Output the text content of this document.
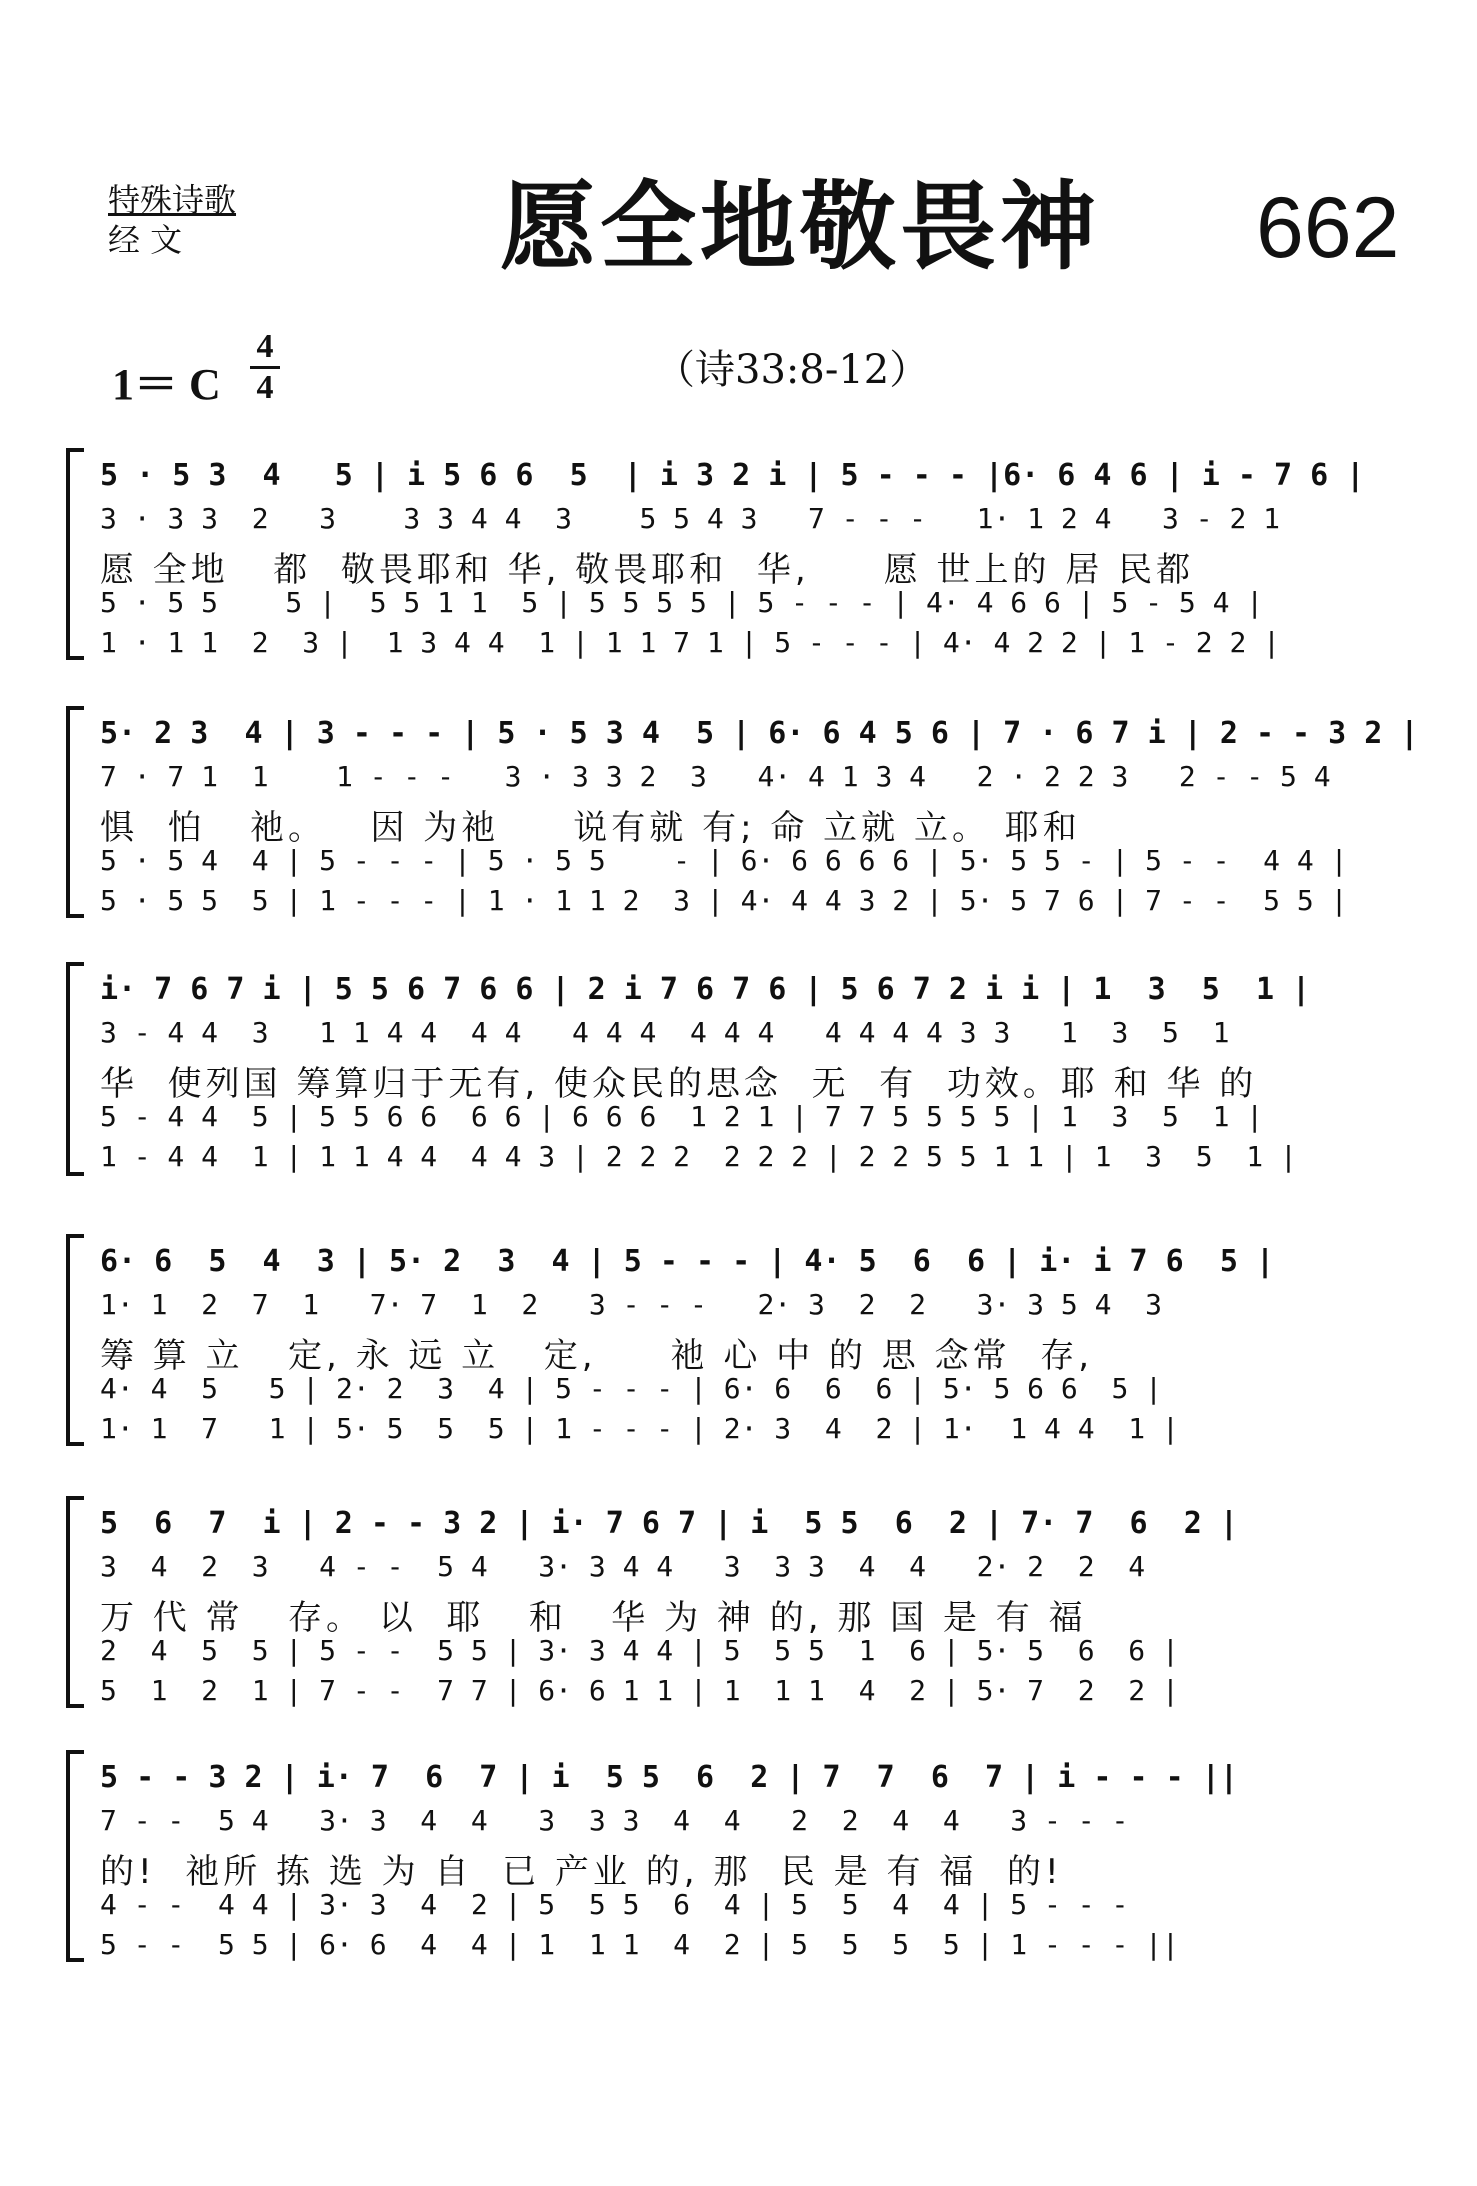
特殊诗歌
经 文	愿全地敬畏神 662
1＝ C
4
4	（诗33:8-12）
5 · 5 3  4   5 | i 5 6 6  5  | i 3 2 i | 5 - - - |6· 6 4 6 | i - 7 6 |
3 · 3 3  2   3    3 3 4 4  3    5 5 4 3   7 - - -   1· 1 2 4   3 - 2 1
愿 全地   都  敬畏耶和 华, 敬畏耶和  华,     愿 世上的 居 民都
5 · 5 5    5 |  5 5 1 1  5 | 5 5 5 5 | 5 - - - | 4· 4 6 6 | 5 - 5 4 |
1 · 1 1  2  3 |  1 3 4 4  1 | 1 1 7 1 | 5 - - - | 4· 4 2 2 | 1 - 2 2 |
5· 2 3  4 | 3 - - - | 5 · 5 3 4  5 | 6· 6 4 5 6 | 7 · 6 7 i | 2 - - 3 2 |
7 · 7 1  1    1 - - -   3 · 3 3 2  3   4· 4 1 3 4   2 · 2 2 3   2 - - 5 4
惧  怕   祂。   因 为祂     说有就 有; 命 立就 立。 耶和
5 · 5 4  4 | 5 - - - | 5 · 5 5    - | 6· 6 6 6 6 | 5· 5 5 - | 5 - -  4 4 |
5 · 5 5  5 | 1 - - - | 1 · 1 1 2  3 | 4· 4 4 3 2 | 5· 5 7 6 | 7 - -  5 5 |
i· 7 6 7 i | 5 5 6 7 6 6 | 2 i 7 6 7 6 | 5 6 7 2 i i | 1  3  5  1 |
3 - 4 4  3   1 1 4 4  4 4   4 4 4  4 4 4   4 4 4 4 3 3   1  3  5  1
华  使列国 筹算归于无有, 使众民的思念  无  有  功效。耶 和 华 的
5 - 4 4  5 | 5 5 6 6  6 6 | 6 6 6  1 2 1 | 7 7 5 5 5 5 | 1  3  5  1 |
1 - 4 4  1 | 1 1 4 4  4 4 3 | 2 2 2  2 2 2 | 2 2 5 5 1 1 | 1  3  5  1 |
6· 6  5  4  3 | 5· 2  3  4 | 5 - - - | 4· 5  6  6 | i· i 7 6  5 |
1· 1  2  7  1   7· 7  1  2   3 - - -   2· 3  2  2   3· 3 5 4  3
筹 算 立   定, 永 远 立   定,     祂 心 中 的 思 念常  存,
4· 4  5   5 | 2· 2  3  4 | 5 - - - | 6· 6  6  6 | 5· 5 6 6  5 |
1· 1  7   1 | 5· 5  5  5 | 1 - - - | 2· 3  4  2 | 1·  1 4 4  1 |
5  6  7  i | 2 - - 3 2 | i· 7 6 7 | i  5 5  6  2 | 7· 7  6  2 |
3  4  2  3   4 - -  5 4   3· 3 4 4   3  3 3  4  4   2· 2  2  4
万 代 常   存。 以  耶   和   华 为 神 的, 那 国 是 有 福
2  4  5  5 | 5 - -  5 5 | 3· 3 4 4 | 5  5 5  1  6 | 5· 5  6  6 |
5  1  2  1 | 7 - -  7 7 | 6· 6 1 1 | 1  1 1  4  2 | 5· 7  2  2 |
5 - - 3 2 | i· 7  6  7 | i  5 5  6  2 | 7  7  6  7 | i - - - ||
7 - -  5 4   3· 3  4  4   3  3 3  4  4   2  2  4  4   3 - - -
的!  祂所 拣 选 为 自  已 产业 的, 那  民 是 有 福  的!
4 - -  4 4 | 3· 3  4  2 | 5  5 5  6  4 | 5  5  4  4 | 5 - - -
5 - -  5 5 | 6· 6  4  4 | 1  1 1  4  2 | 5  5  5  5 | 1 - - - ||
